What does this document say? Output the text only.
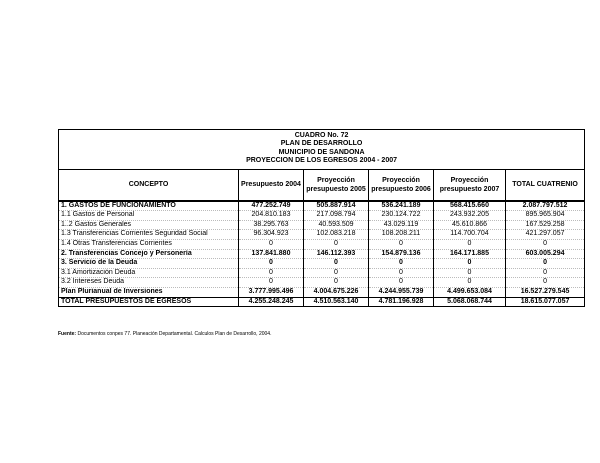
CUADRO No. 72
PLAN DE DESARROLLO
MUNICIPIO DE SANDONA
PROYECCION DE LOS EGRESOS 2004 - 2007					

CONCEPTO	Presupuesto 2004	Proyección presupuesto 2005	Proyección presupuesto 2006	Proyección presupuesto 2007	TOTAL CUATRENIO
1. GASTOS DE FUNCIONAMIENTO	477.252.749	505.887.914	536.241.189	568.415.660	2.087.797.512
1.1 Gastos de Personal	204.810.183	217.098.794	230.124.722	243.932.205	895.965.904
1..2 Gastos Generales	38.295.763	40.593.509	43.029.119	45.610.866	167.529.258
1.3 Transferencias Corrientes Seguridad Social	96.304.923	102.083.218	108.208.211	114.700.704	421.297.057
1.4 Otras Transferencias Corrientes	0	0	0	0	0
2. Transferencias Concejo y Personería	137.841.880	146.112.393	154.879.136	164.171.885	603.005.294
3. Servicio de la Deuda	0	0	0	0	0
3.1 Amortización Deuda	0	0	0	0	0
3.2 Intereses Deuda	0	0	0	0	0
Plan Plurianual de Inversiones	3.777.995.496	4.004.675.226	4.244.955.739	4.499.653.084	16.527.279.545
TOTAL PRESUPUESTOS DE EGRESOS	4.255.248.245	4.510.563.140	4.781.196.928	5.068.068.744	18.615.077.057
Fuente: Documentos conpes 77. Planeación Departamental. Calculos Plan de Desarrollo, 2004.
